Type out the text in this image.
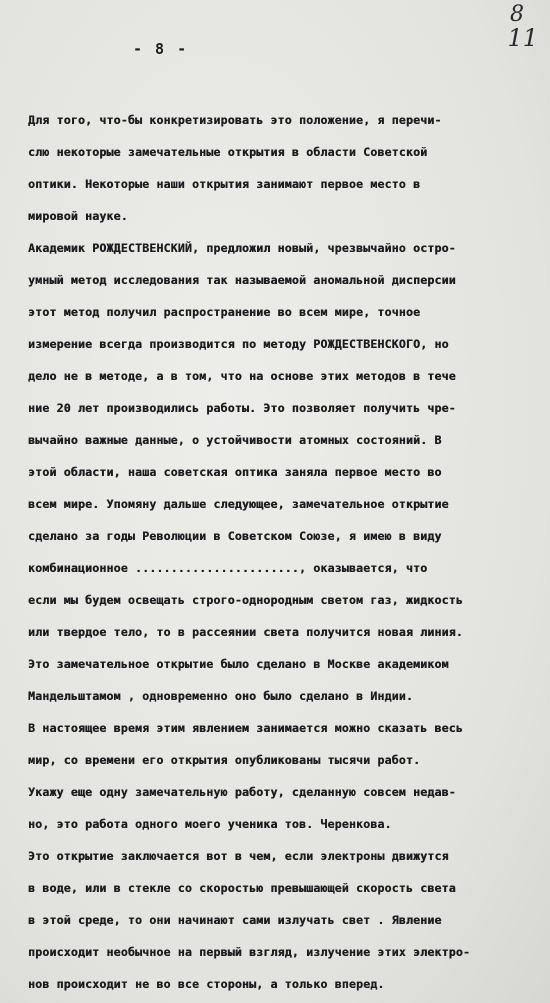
- 8 -
8
11
Для того, что-бы конкретизировать это положение, я перечи-
слю некоторые замечательные открытия в области Советской
оптики. Некоторые наши открытия занимают первое место в
мировой науке.
Академик РОЖДЕСТВЕНСКИЙ, предложил новый, чрезвычайно остро-
умный метод исследования так называемой аномальной дисперсии
этот метод получил распространение во всем мире, точное
измерение всегда производится по методу РОЖДЕСТВЕНСКОГО, но
дело не в методе, а в том, что на основе этих методов в тече
ние 20 лет производились работы. Это позволяет получить чре-
вычайно важные данные, о устойчивости атомных состояний. В
этой области, наша советская оптика заняла первое место во
всем мире. Упомяну дальше следующее, замечательное открытие
сделано за годы Революции в Советском Союзе, я имею в виду
комбинационное ......................., оказывается, что
если мы будем освещать строго-однородным светом газ, жидкость
или твердое тело, то в рассеянии света получится новая линия.
Это замечательное открытие было сделано в Москве академиком
Мандельштамом , одновременно оно было сделано в Индии.
В настоящее время этим явлением занимается можно сказать весь
мир, со времени его открытия опубликованы тысячи работ.
Укажу еще одну замечательную работу, сделанную совсем недав-
но, это работа одного моего ученика тов. Черенкова.
Это открытие заключается вот в чем, если электроны движутся
в воде, или в стекле со скоростью превышающей скорость света
в этой среде, то они начинают сами излучать свет . Явление
происходит необычное на первый взгляд, излучение этих электро-
нов происходит не во все стороны, а только вперед.
